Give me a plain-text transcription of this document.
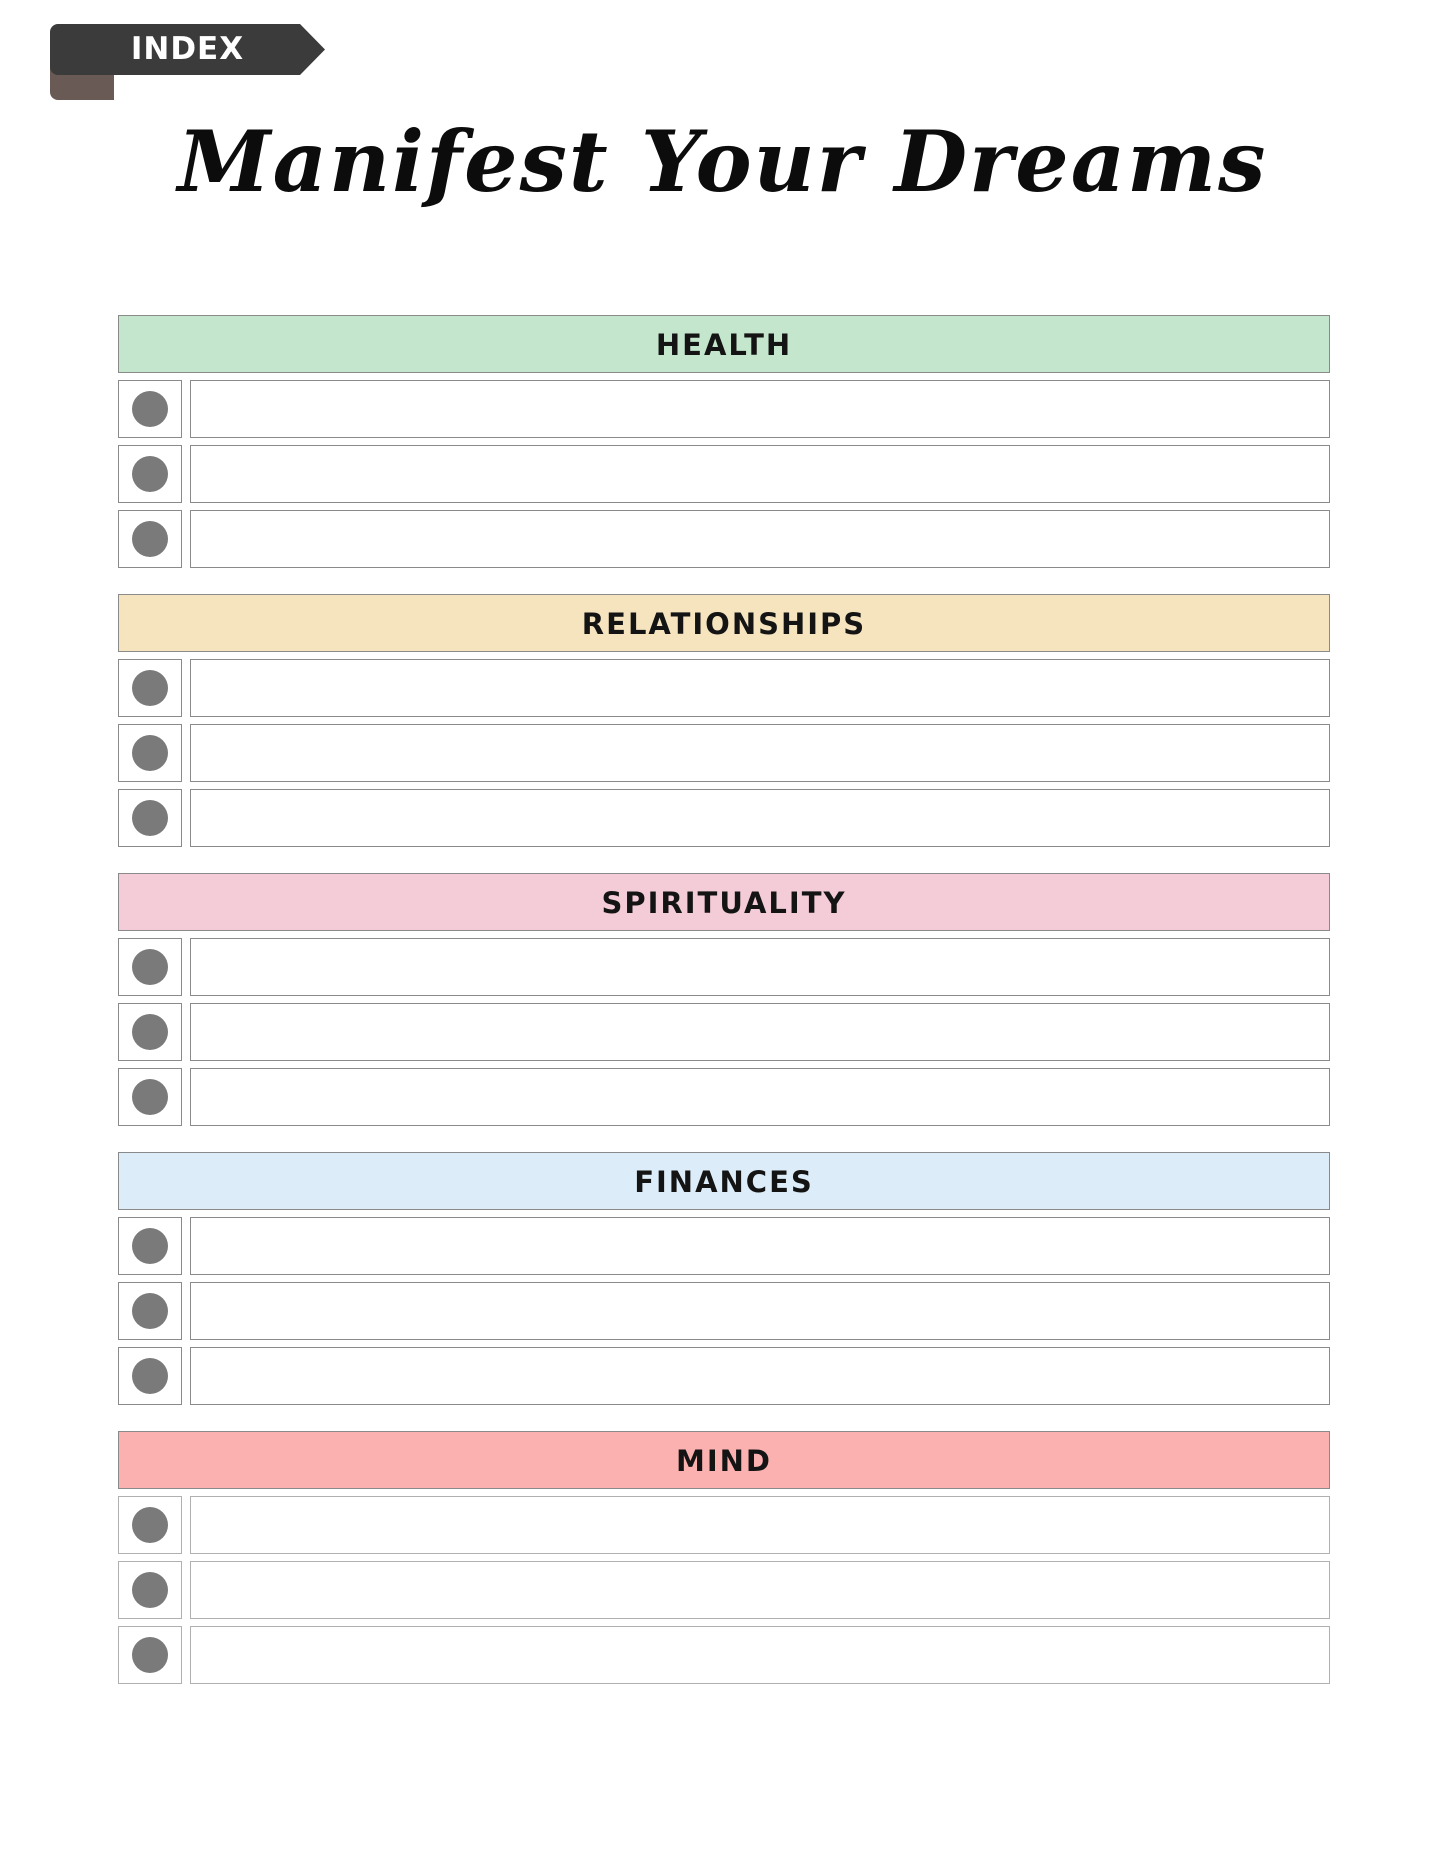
INDEX
Manifest Your Dreams
HEALTH
RELATIONSHIPS
SPIRITUALITY
FINANCES
MIND
